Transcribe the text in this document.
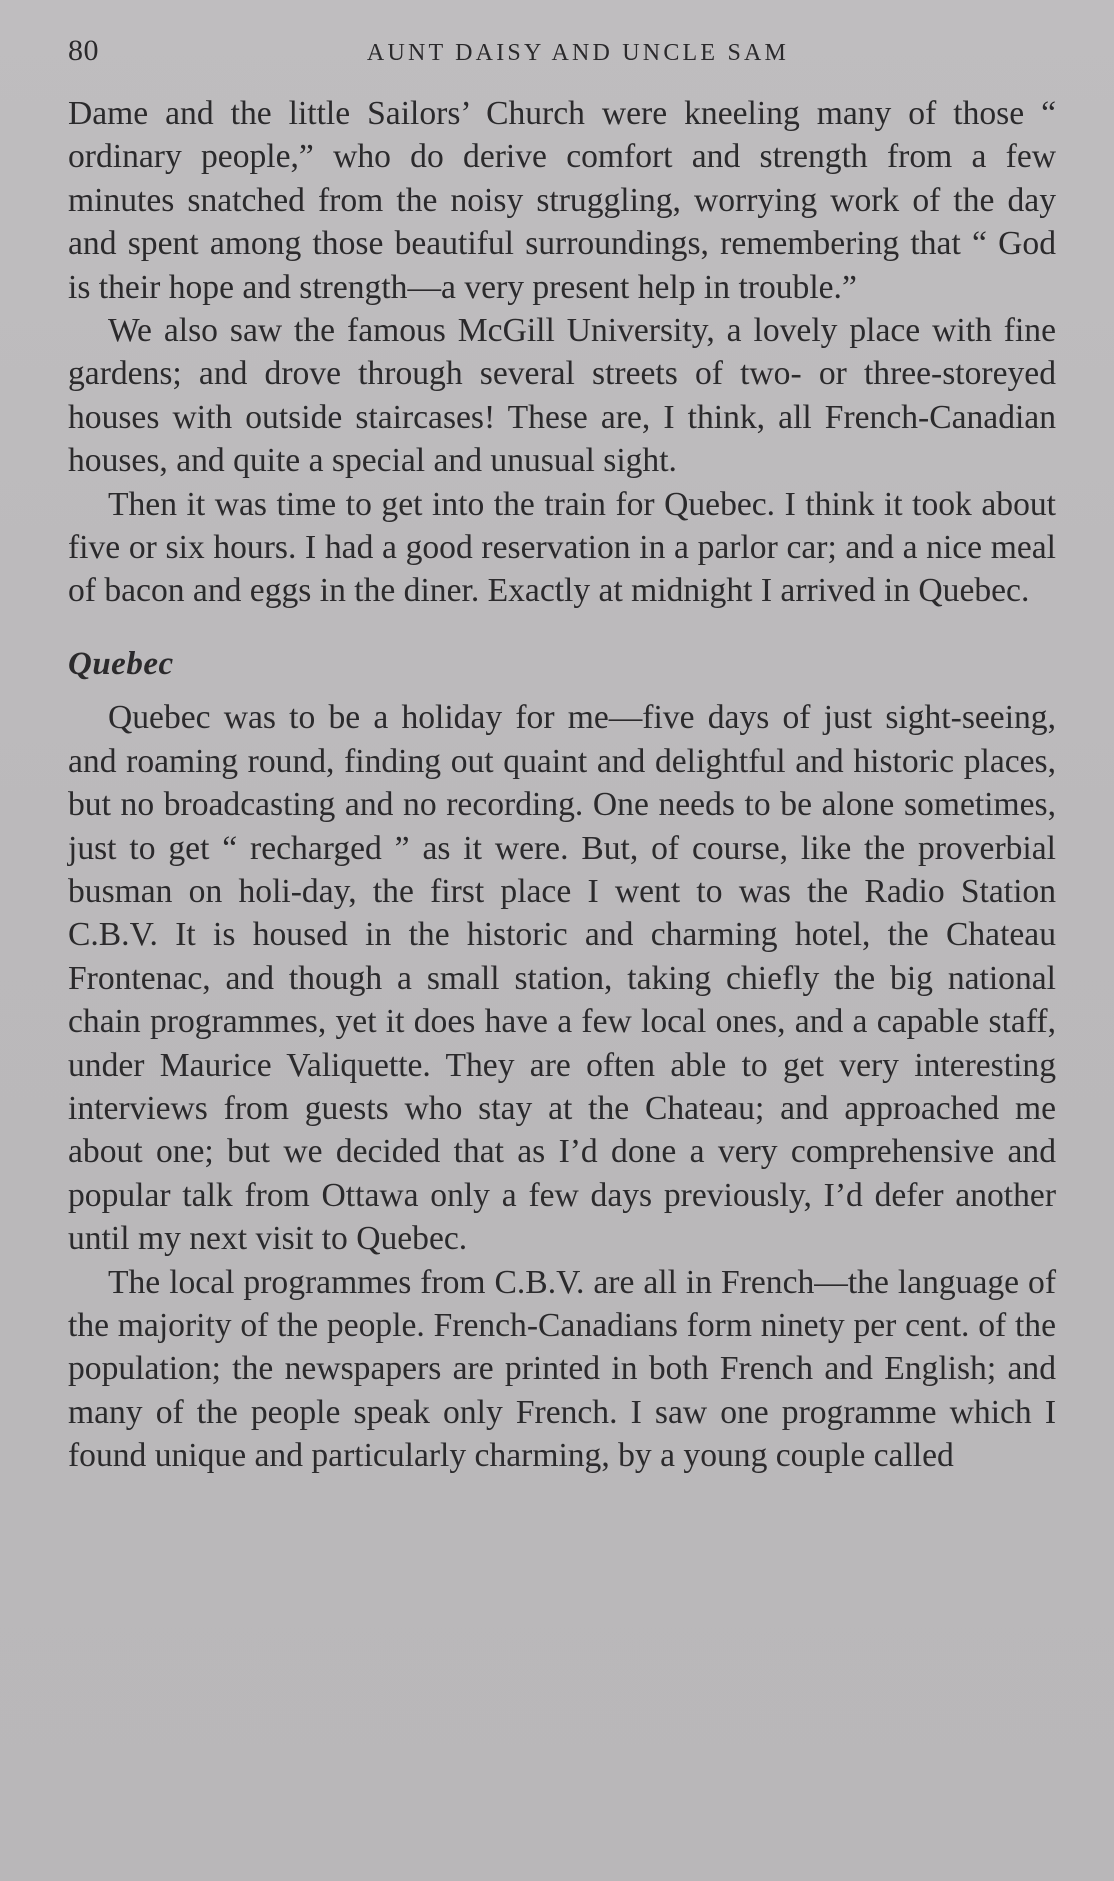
80	AUNT DAISY AND UNCLE SAM

Dame and the little Sailors’ Church were kneeling many of those “ ordinary people,” who do derive comfort and strength from a few minutes snatched from the noisy struggling, worrying work of the day and spent among those beautiful surroundings, remembering that “ God is their hope and strength—a very present help in trouble.”

We also saw the famous McGill University, a lovely place with fine gardens; and drove through several streets of two- or three-storeyed houses with outside staircases! These are, I think, all French-Canadian houses, and quite a special and unusual sight.

Then it was time to get into the train for Quebec. I think it took about five or six hours. I had a good reservation in a parlor car; and a nice meal of bacon and eggs in the diner. Exactly at midnight I arrived in Quebec.

Quebec

Quebec was to be a holiday for me—five days of just sight-seeing, and roaming round, finding out quaint and delightful and historic places, but no broadcasting and no recording. One needs to be alone sometimes, just to get “ recharged ” as it were. But, of course, like the proverbial busman on holi-day, the first place I went to was the Radio Station C.B.V. It is housed in the historic and charming hotel, the Chateau Frontenac, and though a small station, taking chiefly the big national chain programmes, yet it does have a few local ones, and a capable staff, under Maurice Valiquette. They are often able to get very interesting interviews from guests who stay at the Chateau; and approached me about one; but we decided that as I’d done a very comprehensive and popular talk from Ottawa only a few days previously, I’d defer another until my next visit to Quebec.

The local programmes from C.B.V. are all in French—the language of the majority of the people. French-Canadians form ninety per cent. of the population; the newspapers are printed in both French and English; and many of the people speak only French. I saw one programme which I found unique and particularly charming, by a young couple called
